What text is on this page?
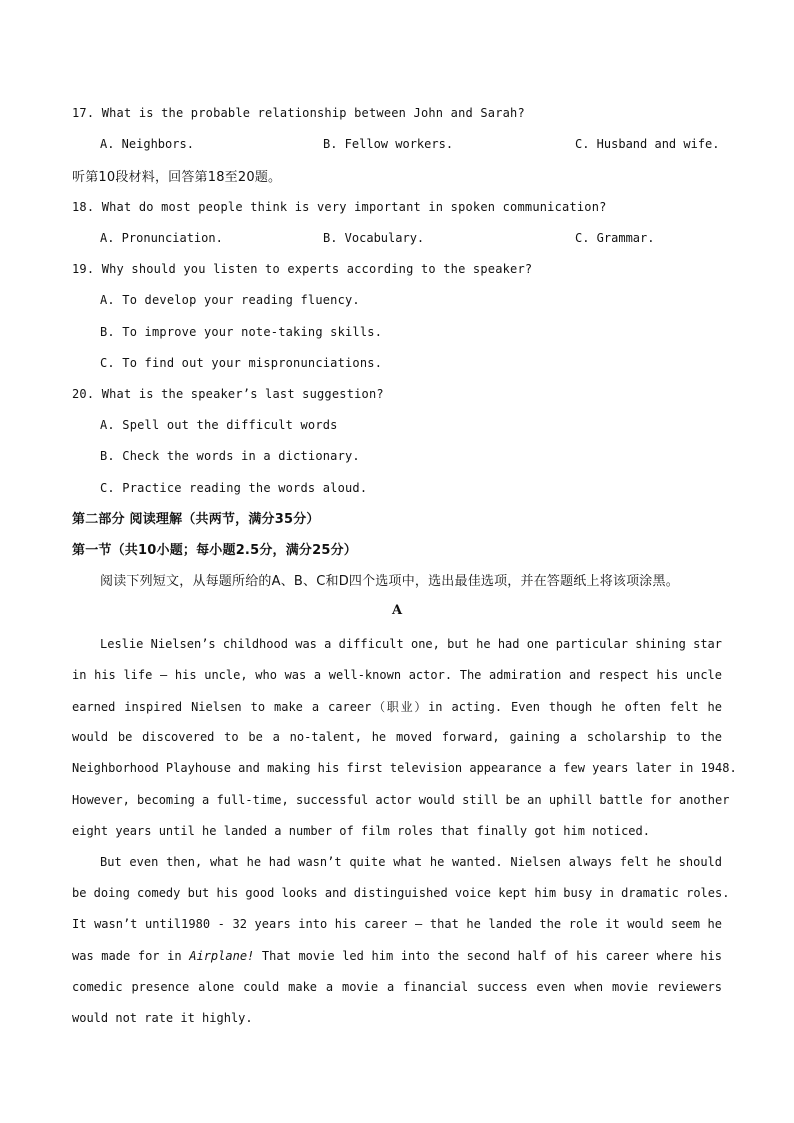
17. What is the probable relationship between John and Sarah?
A. Neighbors.	B. Fellow workers.	C. Husband and wife.
听第10段材料，回答第18至20题。
18. What do most people think is very important in spoken communication?
A. Pronunciation.	B. Vocabulary.	C. Grammar.
19. Why should you listen to experts according to the speaker?
A. To develop your reading fluency.
B. To improve your note-taking skills.
C. To find out your mispronunciations.
20. What is the speaker’s last suggestion?
A. Spell out the difficult words
B. Check the words in a dictionary.
C. Practice reading the words aloud.
第二部分 阅读理解（共两节，满分35分）
第一节（共10小题；每小题2.5分，满分25分）
阅读下列短文，从每题所给的A、B、C和D四个选项中，选出最佳选项，并在答题纸上将该项涂黑。
A
Leslie Nielsen’s childhood was a difficult one, but he had one particular shining star
in his life — his uncle, who was a well-known actor. The admiration and respect his uncle
earned inspired Nielsen to make a career（职业）in acting. Even though he often felt he
would be discovered to be a no-talent, he moved forward, gaining a scholarship to the
Neighborhood Playhouse and making his first television appearance a few years later in 1948.
However, becoming a full-time, successful actor would still be an uphill battle for another
eight years until he landed a number of film roles that finally got him noticed.
But even then, what he had wasn’t quite what he wanted. Nielsen always felt he should
be doing comedy but his good looks and distinguished voice kept him busy in dramatic roles.
It wasn’t until1980 - 32 years into his career — that he landed the role it would seem he
was made for in Airplane! That movie led him into the second half of his career where his
comedic presence alone could make a movie a financial success even when movie reviewers
would not rate it highly.
